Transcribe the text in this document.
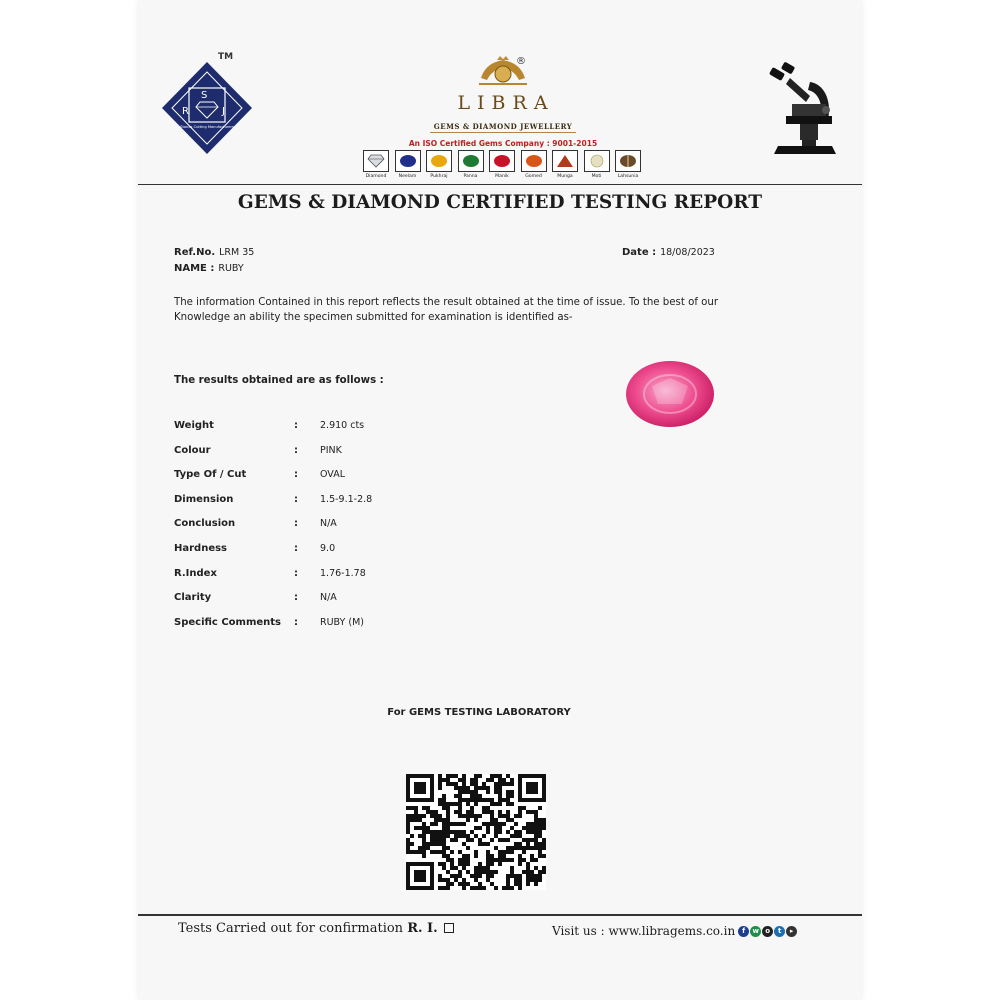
S
R	J
Stones Cutting Manufacturers
TM	®
LIBRA
GEMS & DIAMOND JEWELLERY
An ISO Certified Gems Company : 9001-2015
Diamond	Neelam	Pukhraj	Panna	Manik	Gomed	Munga	Moti	Lahsunia
GEMS & DIAMOND CERTIFIED TESTING REPORT
Ref.No. LRM 35
NAME : RUBY
Date : 18/08/2023
The information Contained in this report reflects the result obtained at the time of issue. To the best of our Knowledge an ability the specimen submitted for examination is identified as-
The results obtained are as follows :
Weight	: 2.910 cts
Colour	: PINK
Type Of / Cut	: OVAL
Dimension	: 1.5-9.1-2.8
Conclusion	: N/A
Hardness	: 9.0
R.Index	: 1.76-1.78
Clarity	: N/A
Specific Comments : RUBY (M)
For GEMS TESTING LABORATORY
Tests Carried out for confirmation R. I.	Visit us : www.libragems.co.in f	w o	t	▸
